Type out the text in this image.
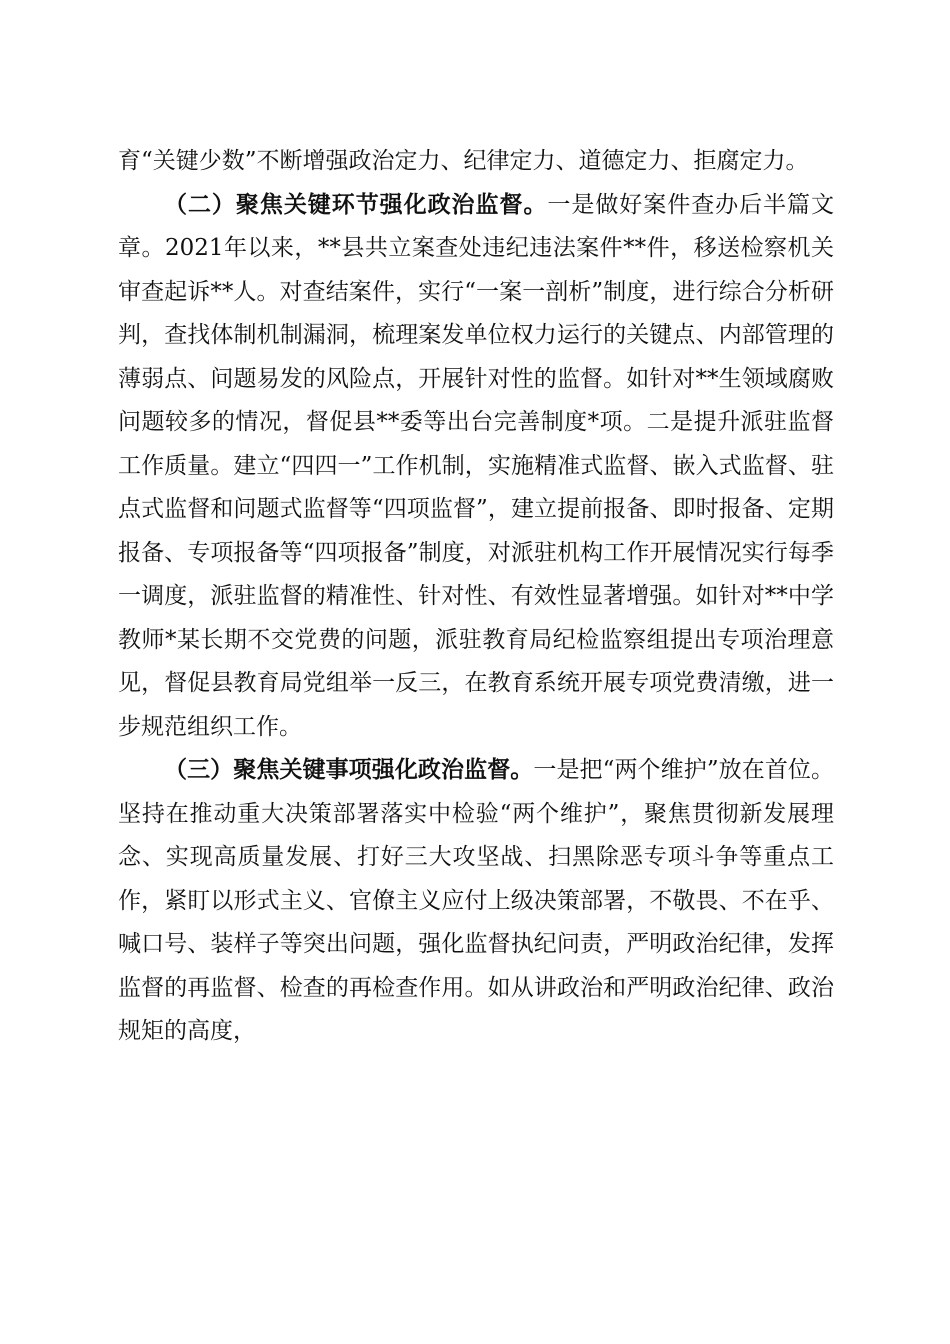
育“关键少数”不断增强政治定力、纪律定力、道德定力、拒腐定力。

（二）聚焦关键环节强化政治监督。一是做好案件查办后半篇文章。2021年以来，**县共立案查处违纪违法案件**件，移送检察机关审查起诉**人。对查结案件，实行“一案一剖析”制度，进行综合分析研判，查找体制机制漏洞，梳理案发单位权力运行的关键点、内部管理的薄弱点、问题易发的风险点，开展针对性的监督。如针对**生领域腐败问题较多的情况，督促县**委等出台完善制度*项。二是提升派驻监督工作质量。建立“四四一”工作机制，实施精准式监督、嵌入式监督、驻点式监督和问题式监督等“四项监督”，建立提前报备、即时报备、定期报备、专项报备等“四项报备”制度，对派驻机构工作开展情况实行每季一调度，派驻监督的精准性、针对性、有效性显著增强。如针对**中学教师*某长期不交党费的问题，派驻教育局纪检监察组提出专项治理意见，督促县教育局党组举一反三，在教育系统开展专项党费清缴，进一步规范组织工作。

（三）聚焦关键事项强化政治监督。一是把“两个维护”放在首位。坚持在推动重大决策部署落实中检验“两个维护”，聚焦贯彻新发展理念、实现高质量发展、打好三大攻坚战、扫黑除恶专项斗争等重点工作，紧盯以形式主义、官僚主义应付上级决策部署，不敬畏、不在乎、喊口号、装样子等突出问题，强化监督执纪问责，严明政治纪律，发挥监督的再监督、检查的再检查作用。如从讲政治和严明政治纪律、政治规矩的高度，
